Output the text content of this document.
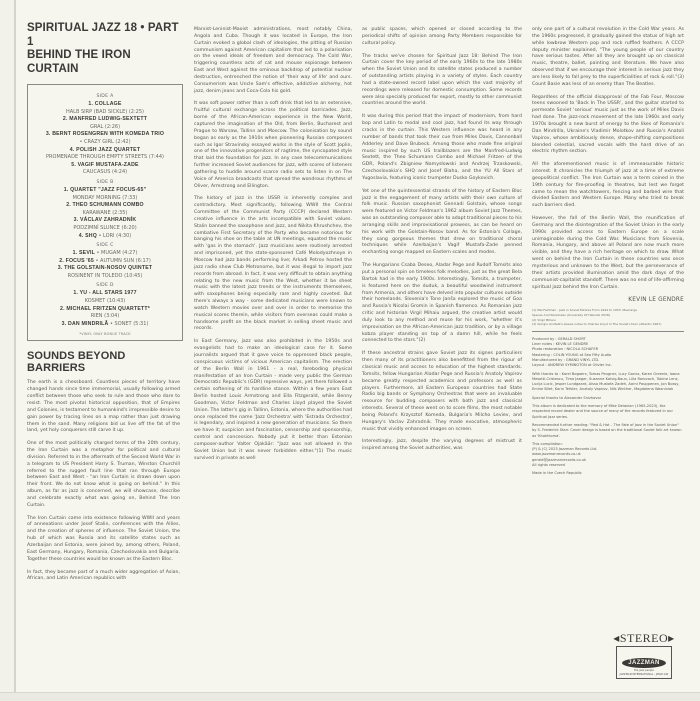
SPIRITUAL JAZZ 18 • PART 1
BEHIND THE IRON CURTAIN
SIDE A
1. COLLAGE
HALB SIRP (BAD SICKLE) (2:25)
2. MANFRED LUDWIG-SEXTETT
GRAL (2:26)
3. BERNT ROSENGREN WITH KOMEDA TRIO
• CRAZY GIRL (2:42)
4. POLISH JAZZ QUARTET
PROMENADE THROUGH EMPTY STREETS (7:44)
5. VAGIF MUSTAFA-ZADE
CAUCASUS (4:24)
SIDE B
1. QUARTET "JAZZ FOCUS-65"
MONDAY MORNING (7:33)
2. THEO SCHUMANN COMBO
KARAWANE (2:35)
3. VÁCLAV ZAHRADNÍK
PODZIMNÍ SLUNCE (6:20)
4. SHQ • LORI (4:30)
SIDE C
1. SEVIL • MUGAM (4:27)
2. FOCUS '65 • AUTUMN SUN (6:17)
3. THE GOLSTAIN-NOSOV QUINTET
ROSINENT IN TOLEDO (10:45)
SIDE D
1. YU - ALL STARS 1977
KOSMET (10:43)
2. MICHAEL FRITZEN QUARTETT*
RIEN (3:04)
3. DAN MINDRILĂ • SONET (5:31)
*VINYL ONLY BONUS TRACK
SOUNDS BEYOND BARRIERS

The earth is a chessboard. Countless pieces of territory have changed hands since time immemorial, usually following armed conflict between those who seek to rule and those who dare to resist. The most pivotal historical opposition, that of Empires and Colonies, is testament to humankind's irrepressible desire to gain power by tracing lines on a map rather than just drawing them in the sand. Many religions bid us live off the fat of the land, yet holy conquerors still carve it up.

One of the most politically charged terms of the 20th century, the Iron Curtain was a metaphor for political and cultural division. Referred to in the aftermath of the Second World War in a telegram to US President Harry S. Truman, Winston Churchill referred to the rugged fault line that ran through Europe between East and West - "an Iron Curtain is drawn down upon their front. We do not know what is going on behind." In this album, as far as jazz is concerned, we will showcase, describe and celebrate exactly what was going on, Behind The Iron Curtain.

The Iron Curtain came into existence following WWII and years of annexations under Josef Stalin, conferences with the Allies, and the creation of spheres of influence. The Soviet Union, the hub of which was Russia and its satellite states such as Azerbaijan and Estonia, were joined by, among others, Poland, East Germany, Hungary, Romania, Czechoslovakia and Bulgaria. Together these countries would be known as the Eastern Bloc.

In fact, they became part of a much wider aggregation of Asian, African, and Latin American republics with

Marxist-Leninist-Maoist administrations, most notably China, Angola and Cuba. Though it was located in Europe, the Iron Curtain evoked a global clash of ideologies, the pitting of Russian communism against American capitalism that led to a polarisation on the vexed ideals of freedom and democracy. The Cold War, triggering countless acts of cat and mouse espionage between East and West against the ominous backdrop of potential nuclear destruction, entrenched the notion of 'their way of life' and ours. Consumerism was Uncle Sam's effective, addictive alchemy, hot jazz, denim jeans and Coca-Cola his gold.

It was soft power rather than a soft drink that led to an extensive, fruitful cultural exchange across the political barricades. Jazz, borne of the African-American experience in the New World, captured the imagination of the Old, from Berlin, Bucharest and Prague to Warsaw, Tallinn and Moscow. The colonisation by sound began as early as the 1910s when pioneering Russian composers such as Igor Stravinsky essayed works in the style of Scott Joplin, one of the innovative progenitors of ragtime, the syncopated style that laid the foundation for jazz. In any case telecommunications further increased Soviet audiences for jazz, with scores of listeners gathering to huddle around scarce radio sets to listen in on The Voice of America broadcasts that spread the wondrous rhythms of Oliver, Armstrong and Ellington.

The history of jazz in the USSR is inherently complex and contradictory. Most significantly, following WWII the Central Committee of the Communist Party (CCCP) declared Western creative influence in the arts incompatible with Soviet values. Stalin banned the saxophone and jazz, and Nikita Khrushchev, the combative First Secretary of the Party who became notorious for banging his shoe on the table at UN meetings, equated the music with 'gas in the stomach'. Jazz musicians were routinely arrested and imprisoned, yet the state-sponsored Café Molodyozhnoye in Moscow had jazz bands performing live; Arkadi Petrov hosted the jazz radio show Club Metronome, but it was illegal to import jazz records from abroad. In fact, it was very difficult to obtain anything relating to the new music from the West, whether it be sheet music with the latest jazz trends or the instruments themselves, with saxophones being especially rare and highly coveted. But there's always a way - some dedicated musicians were known to watch Western movies over and over in order to memorise the musical scores therein, while visitors from overseas could make a handsome profit on the black market in selling sheet music and records.

In East Germany, jazz was also prohibited in the 1950s and evangelists had to make an ideological case for it. Some journalists argued that it gave voice to oppressed black people, conspicuous victims of vicious American capitalism. The erection of the Berlin Wall in 1961 - a real, foreboding physical manifestation of an Iron Curtain - made very public the German Democratic Republic's (GDR) repressive ways, yet there followed a certain softening of its hardline stance. Within a few years East Berlin hosted Louis Armstrong and Ella Fitzgerald, while Benny Goodman, Victor Feldman and Charles Lloyd played the Soviet Union. The latter's gig in Tallinn, Estonia, where the authorities had once replaced the name 'Jazz Orchestra' with 'Estrada Orchestra', is legendary, and inspired a new generation of musicians. So there we have it; suspicion and fascination, censorship and sponsorship, control and concession. Nobody put it better than Estonian composer-author Valter Ojakäär: "Jazz was not allowed in the Soviet Union but it was never forbidden either."(1) The music survived in private as well

as public spaces, which opened or closed according to the periodical shifts of opinion among Party Members responsible for cultural policy.

The tracks we've chosen for Spiritual Jazz 18: Behind The Iron Curtain cover the key period of the early 1960s to the late 1980s when the Soviet Union and its satellite states produced a number of outstanding artists playing in a variety of styles. Each country had a state-owned record label upon which the vast majority of recordings were released for domestic consumption. Some records were also specially produced for export, mostly to other communist countries around the world.

It was during this period that the impact of modernism, from hard bop and Latin to modal and cool jazz, had found its way through cracks in the curtain. This Western influence was heard in any number of bands that took their cue from Miles Davis, Cannonball Adderley and Dave Brubeck. Among those who made fine original music inspired by such US trailblazers are the Manfred-Ludwig Sextett, the Theo Schumann Combo and Michael Fritzen of the GDR, Poland's Zbigniew Namysłowski and Andrzej Trzaskowski, Czechoslovakia's SHQ and Josef Blaha, and the YU All Stars of Yugoslavia, featuring iconic trumpeter Dusko Goykovich.

Yet one of the quintessential strands of the history of Eastern Bloc jazz is the engagement of many artists with their own culture of folk music. Russian saxophonist Gennadi Golstain, whose songs were featured on Victor Feldman's 1962 album Soviet Jazz Themes, was an outstanding composer able to adapt traditional pieces to his arranging skills and improvisational prowess, as can be heard on his work with the Golstain-Nosov band. As for Estonia's Collage, they sang gorgeous themes that drew on traditional choral techniques while Azerbaijan's Vagif Mustafa-Zade penned enchanting songs mapped on Eastern scales and modes.

The Hungarians Csaba Deseo, Aladar Pege and Rudolf Tomsits also put a personal spin on timeless folk melodies, just as the great Bela Bartok had in the early 1900s. Interestingly, Tomsits, a trumpeter, is featured here on the duduk, a beautiful woodwind instrument from Armenia, and others have delved into popular cultures outside their homelands. Slovenia's Tone Janša explored the music of Goa and Russia's Nicolai Gromin in Spanish flamenco. As Romanian jazz critic and historian Virgil Mihaiu argued, the creative artist would duly look to any method and muse for his work, "whether it's improvisation on the African-American jazz tradition, or by a village kobza player standing on top of a damn hill, while he feels connected to the stars."(2)

If these ancestral strains gave Soviet jazz its signes particuliers then many of its practitioners also benefitted from the rigour of classical music and access to education of the highest standards. Tomsits, fellow Hungarian Aladar Pege and Russia's Anatoly Vapirov became greatly respected academics and professors as well as players. Furthermore, all Eastern European countries had State Radio big bands or Symphony Orchestras that were an invaluable resource for budding composers with both jazz and classical interests. Several of these went on to score films, the most notable being Poland's Krzysztof Komeda, Bulgaria's Milcho Leviev, and Hungary's Vaclav Zahradnik. They made evocative, atmospheric music that vividly enhanced images on screen.

Interestingly, jazz, despite the varying degrees of mistrust it inspired among the Soviet authorities, was

only one part of a cultural revolution in the Cold War years. As the 1960s progressed, it gradually gained the status of high art while lowbrow Western pop and rock ruffled feathers. A CCCP deputy minister explained, "The young people of our country have serious tastes. After all they are brought up on classical music, theatre, ballet, painting and literature. We have also observed that if we encourage their interest in serious jazz they are less likely to fall prey to the superficialities of rock & roll."(3) Count Basie was less of an enemy than The Beatles.

Regardless of the official disapproval of the Fab Four, Moscow teens swooned to 'Back In The USSR', and the guitar started to permeate Soviet 'serious' music just as the work of Miles Davis had done. The jazz-rock movement of the late 1960s and early 1970s brought a new burst of energy to the likes of Romania's Dan Mindrilla, Ukraine's Vladimir Molotkov and Russia's Anatoli Vapirov, whose ambitiously dense, shape-shifting compositions blended celestial, sacred vocals with the hard drive of an electric rhythm section.

All the aforementioned music is of immeasurable historic interest. It chronicles the triumph of jazz at a time of extreme geopolitical conflict. The Iron Curtain was a term coined in the 19th century for fire-proofing in theatres, but lest we forget came to mean the watchtowers, fencing and barbed wire that divided Eastern and Western Europe. Many who tried to break such barriers died.

However, the fall of the Berlin Wall, the reunification of Germany and the disintegration of the Soviet Union in the early 1990s provided access to Eastern Europe on a scale unimaginable during the Cold War. Musicians from Slovenia, Romania, Hungary, and above all Poland are now much more visible, and they have a rich heritage on which to draw. What went on behind the Iron Curtain in these countries was once mysterious and unknown to the West, but the perseverance of their artists provided illumination amid the dark days of the communist-capitalist standoff. There was no end of life-affirming spiritual jazz behind the Iron Curtain.

KEVIN LE GENDRE
(1) Mel Feldman - Jazz in Soviet Estonia From 1944 to 1953. Meanings
Spaces And Paradoxes (University Of Helsinki 2018)
(2) Virgil Mihaiu
(3) Giorgio Arvitelli's sleeve notes to Charles Lloyd In The Soviet Union (Atlantic 1967)
Produced by : GERALD SHORT
Liner notes : KEVIN LE GENDRE
Photo restoration : NICOLA SCHAFER
Mastering : COLIN YOUNG at Sea Fifty Audio
Manufactured by : GRAND VINYL LTD.
Layout : ANDREW SYMINGTON at Olivier Inc.
With thanks to : Karel Bogaers, Tomas Peugner, Lucy Garcia, Karen Greenie, Ioana Mesotti-Cristescu, Timo Jaeger, Susanne Kalvig-Baun, Lilla Rorovoch, Tobine Lenz, Lucija Lucic, Jesper Lundgaard, Aissa Mustafa Zadeh, Aarni Pauppenen, Jon Bossy, Emine Bilet, Karin Tefster, Anatoly Vapirov, Nils Winther, Magdalena Wasniniak
Special thanks to Alexander Snizhavor
This album is dedicated to the memory of Mike Delanian (1965-2023), the respected record dealer and the source of many of the records featured in our Spiritual Jazz series.
Recommended further reading: "Red & Hot – The Fate of Jazz in the Soviet Union" by S. Frederick Starr. Cover design is based on the traditional Soviet folk art known as 'Khokhloma'.
This compilation:
(P) & (C) 2023 Jazzman Records Ltd.
www.jazzmanrecords.co.uk
gerald@jazzmanrecords.co.uk
All rights reserved
Made in the Czech Republic
◂STEREO▸
JAZZMAN
the jazz people
JAZZMAN INTERNATIONAL - JMAN 140
